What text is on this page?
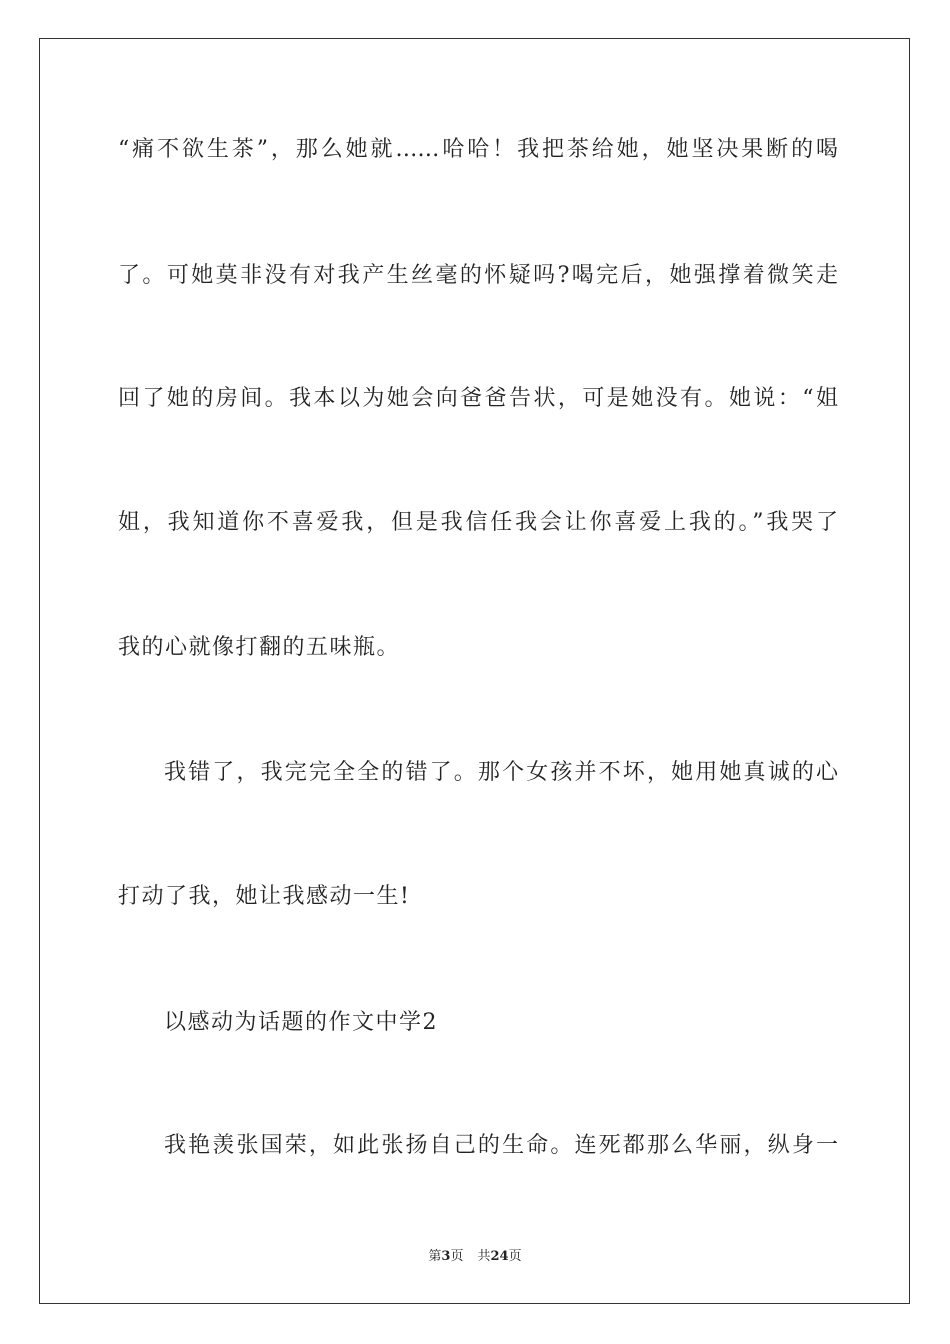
“痛不欲生茶”，那么她就……哈哈！我把茶给她，她坚决果断的喝
了。可她莫非没有对我产生丝毫的怀疑吗?喝完后，她强撑着微笑走
回了她的房间。我本以为她会向爸爸告状，可是她没有。她说：“姐
姐，我知道你不喜爱我，但是我信任我会让你喜爱上我的。”我哭了
我的心就像打翻的五味瓶。
我错了，我完完全全的错了。那个女孩并不坏，她用她真诚的心
打动了我，她让我感动一生!
以感动为话题的作文中学2
我艳羡张国荣，如此张扬自己的生命。连死都那么华丽，纵身一
第3页 共24页
